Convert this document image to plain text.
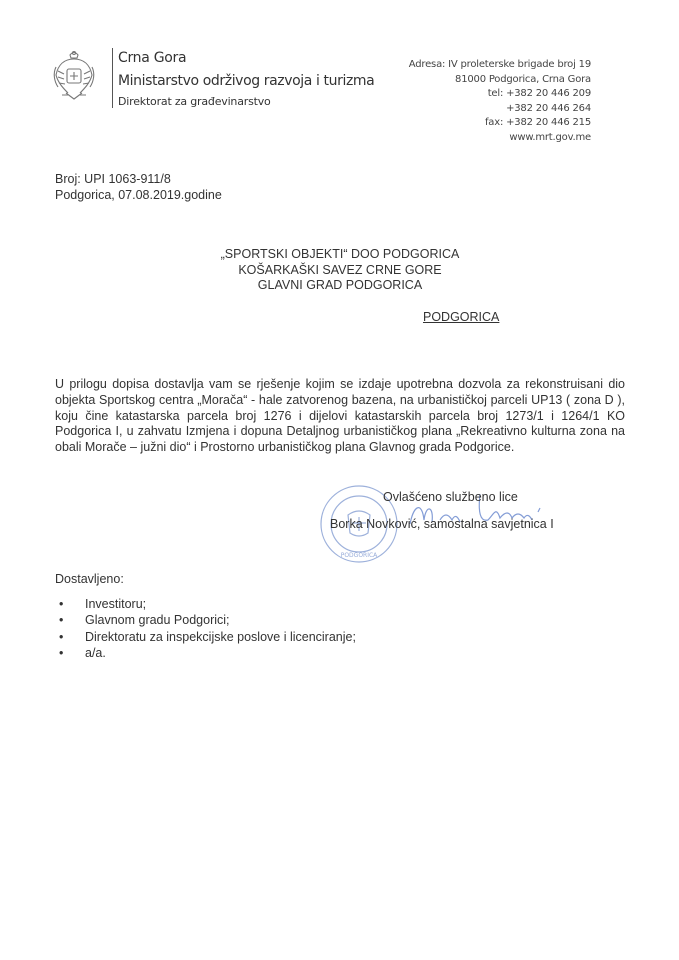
Crna Gora
Ministarstvo održivog razvoja i turizma
Direktorat za građevinarstvo
Adresa: IV proleterske brigade broj 19
81000 Podgorica, Crna Gora
tel: +382 20 446 209
+382 20 446 264
fax: +382 20 446 215
www.mrt.gov.me
Broj: UPI 1063-911/8
Podgorica, 07.08.2019.godine
„SPORTSKI OBJEKTI“ DOO PODGORICA
KOŠARKAŠKI SAVEZ CRNE GORE
GLAVNI GRAD PODGORICA
PODGORICA
U prilogu dopisa dostavlja vam se rješenje kojim se izdaje upotrebna dozvola za rekonstruisani dio objekta Sportskog centra „Morača“ - hale zatvorenog bazena, na urbanističkoj parceli UP13 ( zona D ), koju čine katastarska parcela broj 1276 i dijelovi katastarskih parcela broj 1273/1 i 1264/1 KO Podgorica I, u zahvatu Izmjena i dopuna Detaljnog urbanističkog plana „Rekreativno kulturna zona na obali Morače – južni dio“ i Prostorno urbanističkog plana Glavnog grada Podgorice.
PODGORICA
Ovlašćeno službeno lice
Borka Novković, samostalna savjetnica I
Dostavljeno:
• Investitoru;
• Glavnom gradu Podgorici;
• Direktoratu za inspekcijske poslove i licenciranje;
• a/a.
